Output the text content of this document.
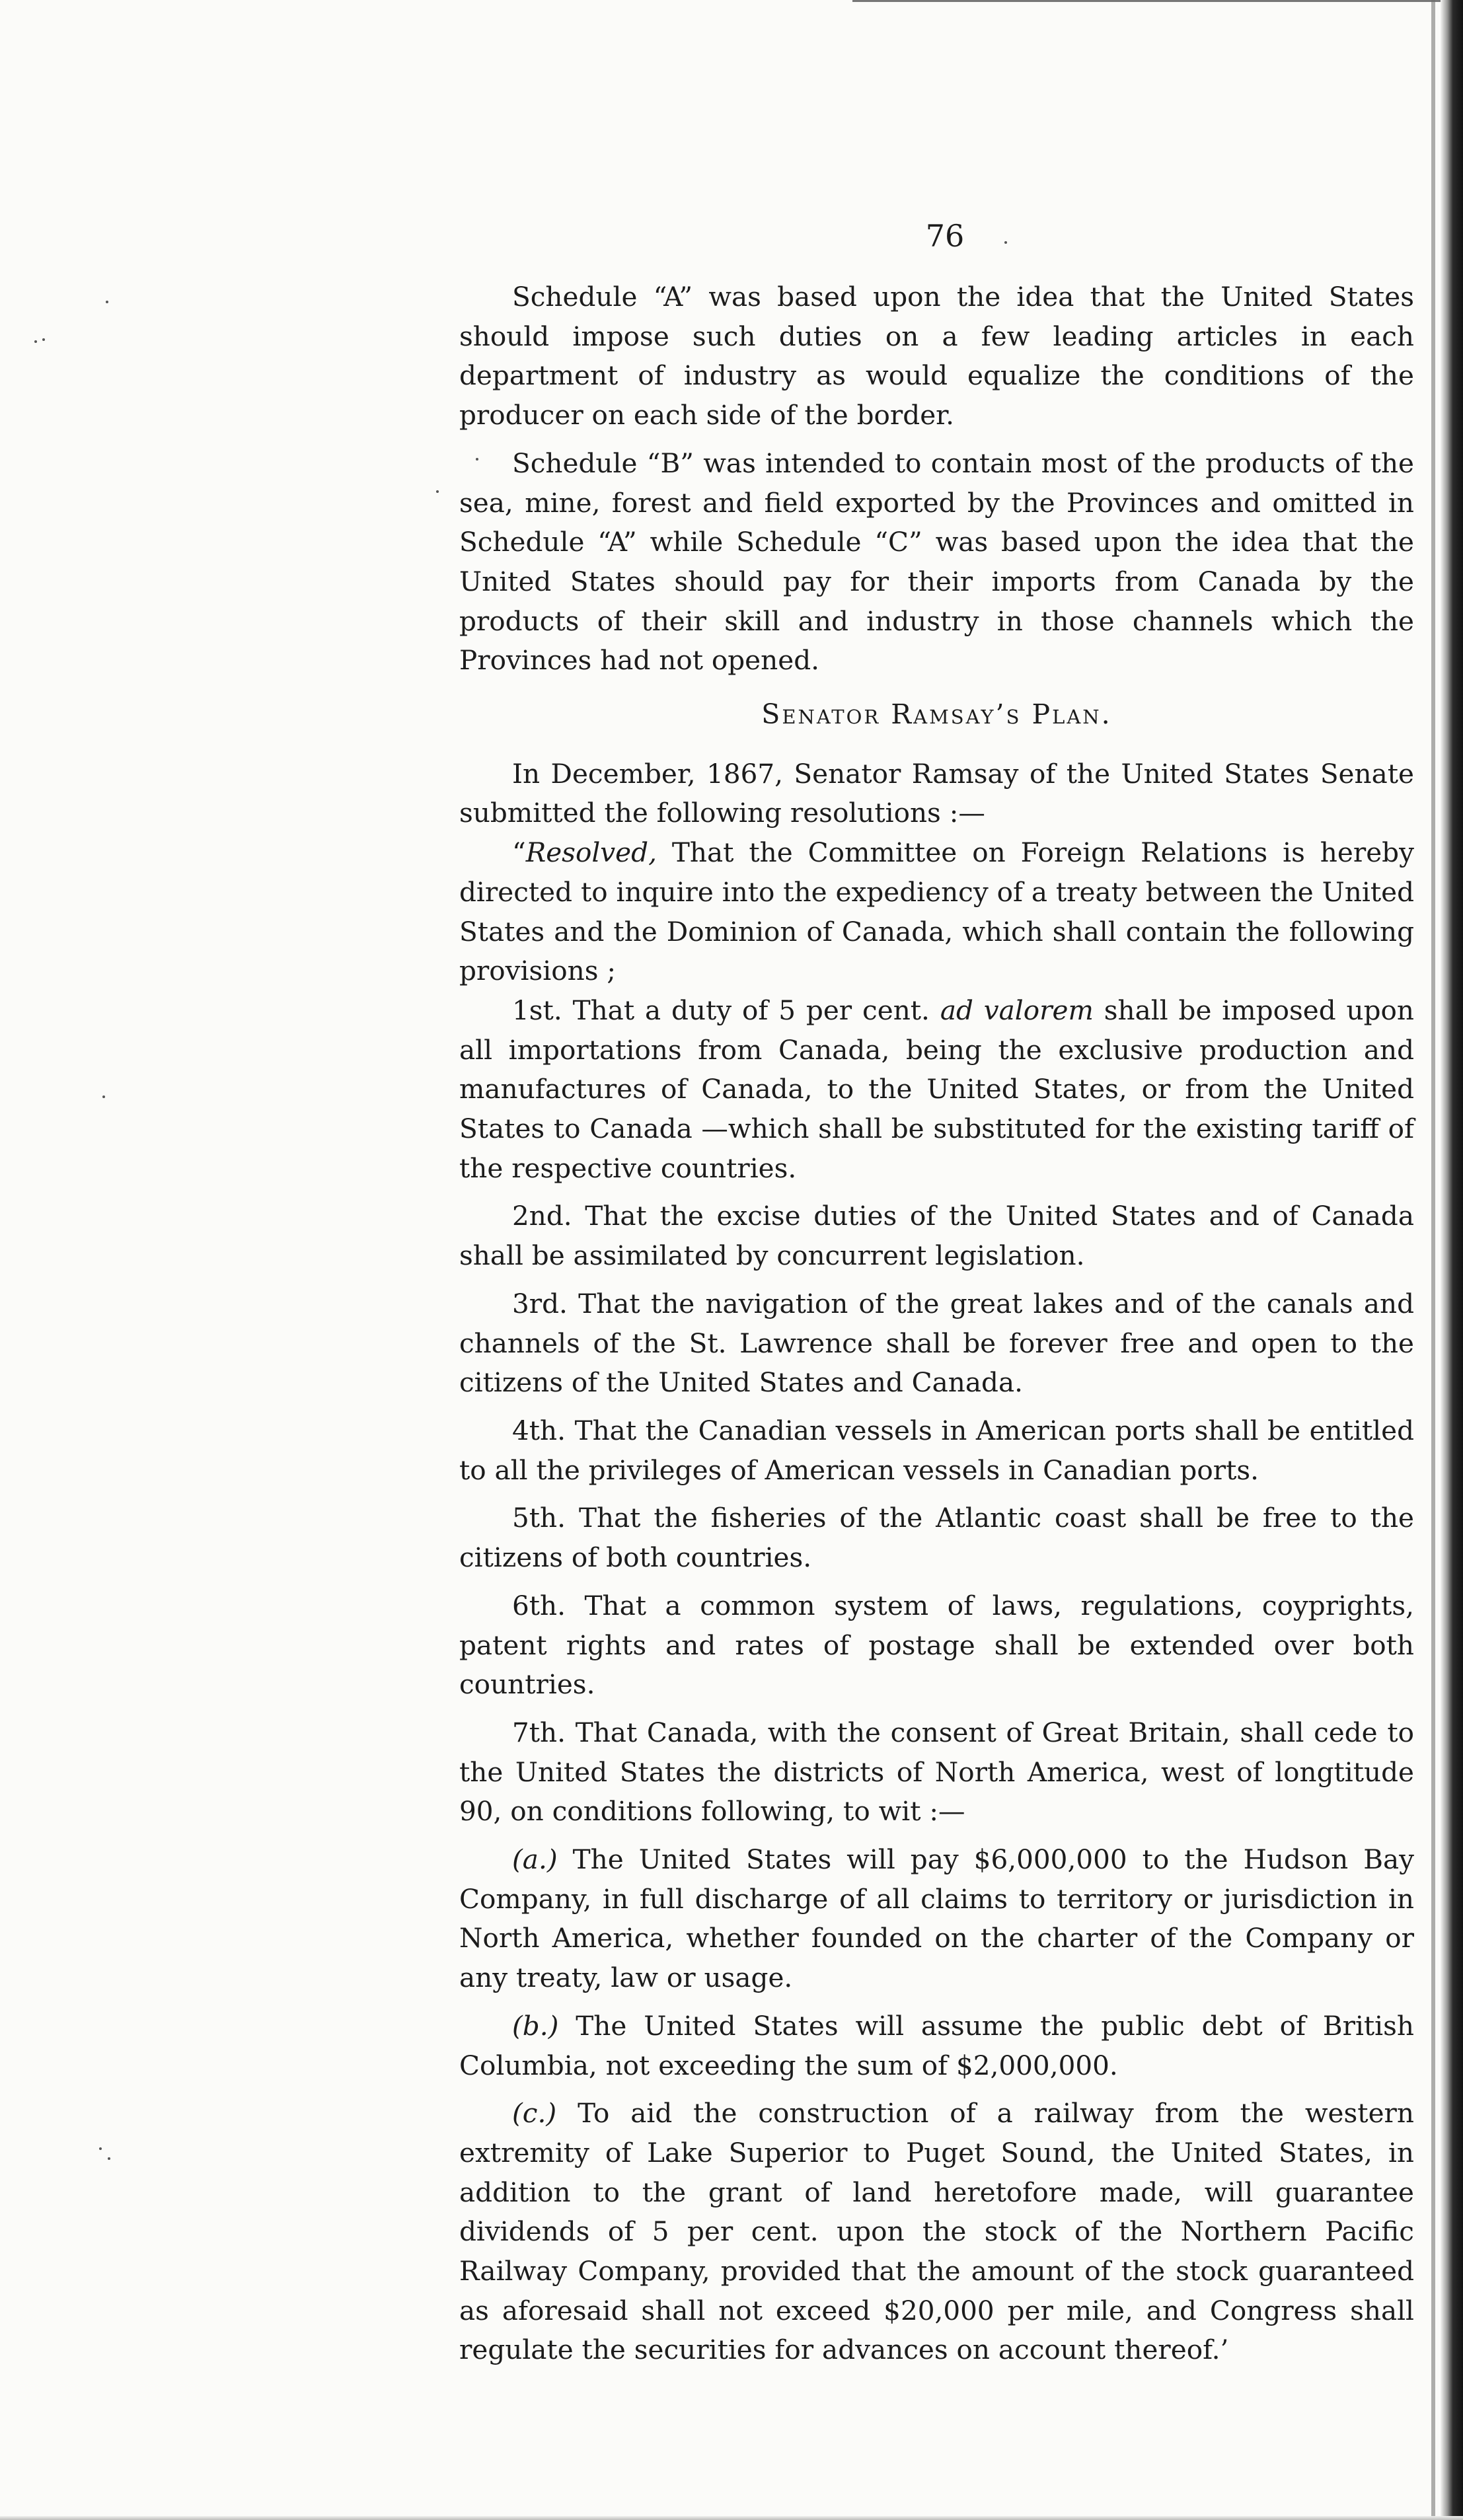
76

Schedule “A” was based upon the idea that the United States should impose such duties on a few leading articles in each department of industry as would equalize the conditions of the producer on each side of the border.

Schedule “B” was intended to contain most of the products of the sea, mine, forest and field exported by the Provinces and omitted in Schedule “A” while Schedule “C” was based upon the idea that the United States should pay for their imports from Canada by the products of their skill and industry in those channels which the Provinces had not opened.

Senator Ramsay’s Plan.

In December, 1867, Senator Ramsay of the United States Senate submitted the following resolutions :—

“Resolved, That the Committee on Foreign Relations is hereby directed to inquire into the expediency of a treaty between the United States and the Dominion of Canada, which shall contain the following provisions ;

1st. That a duty of 5 per cent. ad valorem shall be imposed upon all importations from Canada, being the exclusive production and manufactures of Canada, to the United States, or from the United States to Canada —which shall be substituted for the existing tariff of the respective countries.

2nd. That the excise duties of the United States and of Canada shall be assimilated by concurrent legislation.

3rd. That the navigation of the great lakes and of the canals and channels of the St. Lawrence shall be forever free and open to the citizens of the United States and Canada.

4th. That the Canadian vessels in American ports shall be entitled to all the privileges of American vessels in Canadian ports.

5th. That the fisheries of the Atlantic coast shall be free to the citizens of both countries.

6th. That a common system of laws, regulations, coyprights, patent rights and rates of postage shall be extended over both countries.

7th. That Canada, with the consent of Great Britain, shall cede to the United States the districts of North America, west of longtitude 90, on conditions following, to wit :—

(a.) The United States will pay $6,000,000 to the Hudson Bay Company, in full discharge of all claims to territory or jurisdiction in North America, whether founded on the charter of the Company or any treaty, law or usage.

(b.) The United States will assume the public debt of British Columbia, not exceeding the sum of $2,000,000.

(c.) To aid the construction of a railway from the western extremity of Lake Superior to Puget Sound, the United States, in addition to the grant of land heretofore made, will guarantee dividends of 5 per cent. upon the stock of the Northern Pacific Railway Company, provided that the amount of the stock guaranteed as aforesaid shall not exceed $20,000 per mile, and Congress shall regulate the securities for advances on account thereof.’
